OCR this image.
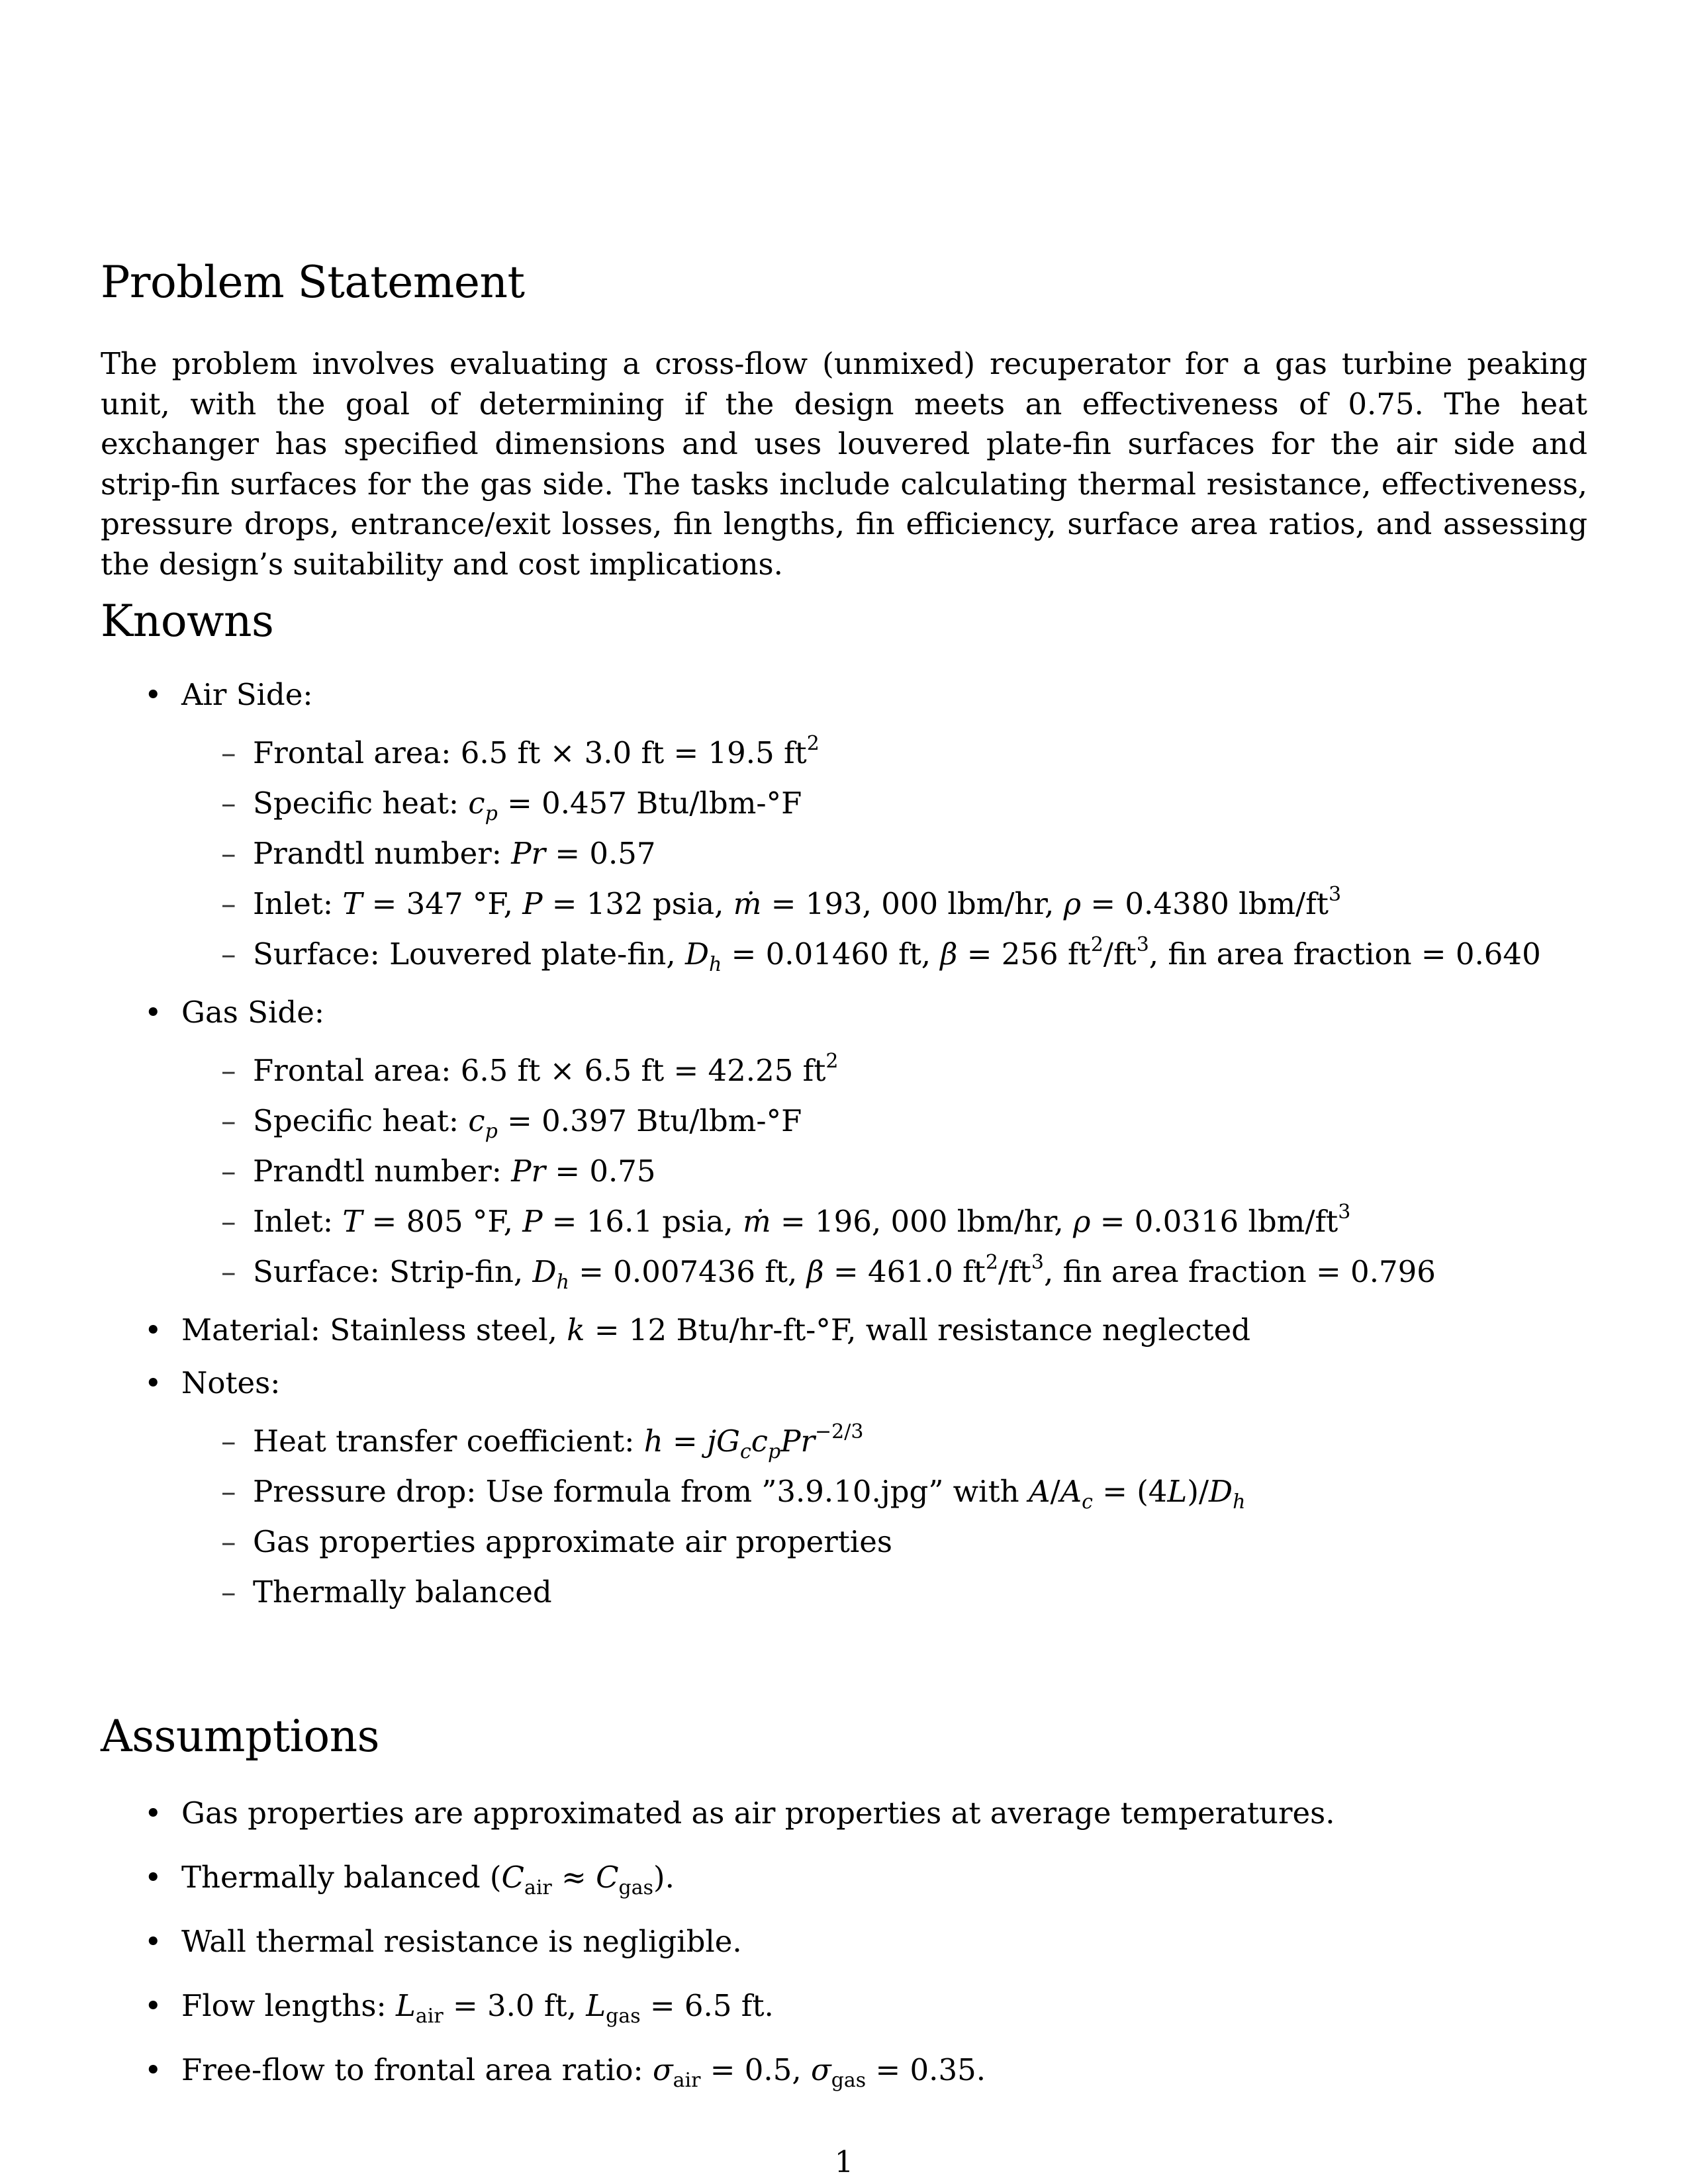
Problem Statement

The problem involves evaluating a cross-flow (unmixed) recuperator for a gas turbine peaking unit, with the goal of determining if the design meets an effectiveness of 0.75. The heat exchanger has specified dimensions and uses louvered plate-fin surfaces for the air side and strip-fin surfaces for the gas side. The tasks include calculating thermal resistance, effectiveness, pressure drops, entrance/exit losses, fin lengths, fin efficiency, surface area ratios, and assessing the design’s suitability and cost implications.

Knowns
• Air Side:
– Frontal area: 6.5 ft × 3.0 ft = 19.5 $ft^2$
– Specific heat: $c_p = 0.457$ Btu/lbm-°F
– Prandtl number: Pr = 0.57
– Inlet: T = 347 °F, P = 132 psia, ṁ = 193, 000 lbm/hr, ρ = 0.4380 lbm/$ft^3$
– Surface: Louvered plate-fin, $D_h = 0.01460$ ft, β = 256 $ft^2/ft^3$, fin area fraction = 0.640
• Gas Side:
– Frontal area: 6.5 ft × 6.5 ft = 42.25 $ft^2$
– Specific heat: $c_p = 0.397$ Btu/lbm-°F
– Prandtl number: Pr = 0.75
– Inlet: T = 805 °F, P = 16.1 psia, ṁ = 196, 000 lbm/hr, ρ = 0.0316 lbm/$ft^3$
– Surface: Strip-fin, $D_h = 0.007436$ ft, β = 461.0 $ft^2/ft^3$, fin area fraction = 0.796
• Material: Stainless steel, k = 12 Btu/hr-ft-°F, wall resistance neglected
• Notes:
– Heat transfer coefficient: $h = jG_cc_pPr^{-2/3}$
– Pressure drop: Use formula from ”3.9.10.jpg” with $A/A_c = (4L)/D_h$
– Gas properties approximate air properties
– Thermally balanced
Assumptions
• Gas properties are approximated as air properties at average temperatures.
• Thermally balanced $(C_{air} \approx C_{gas})$.
• Wall thermal resistance is negligible.
• Flow lengths: $L_{air} = 3.0$ ft, $L_{gas} = 6.5$ ft.
• Free-flow to frontal area ratio: $\sigma_{air} = 0.5$, $\sigma_{gas} = 0.35$.
1
